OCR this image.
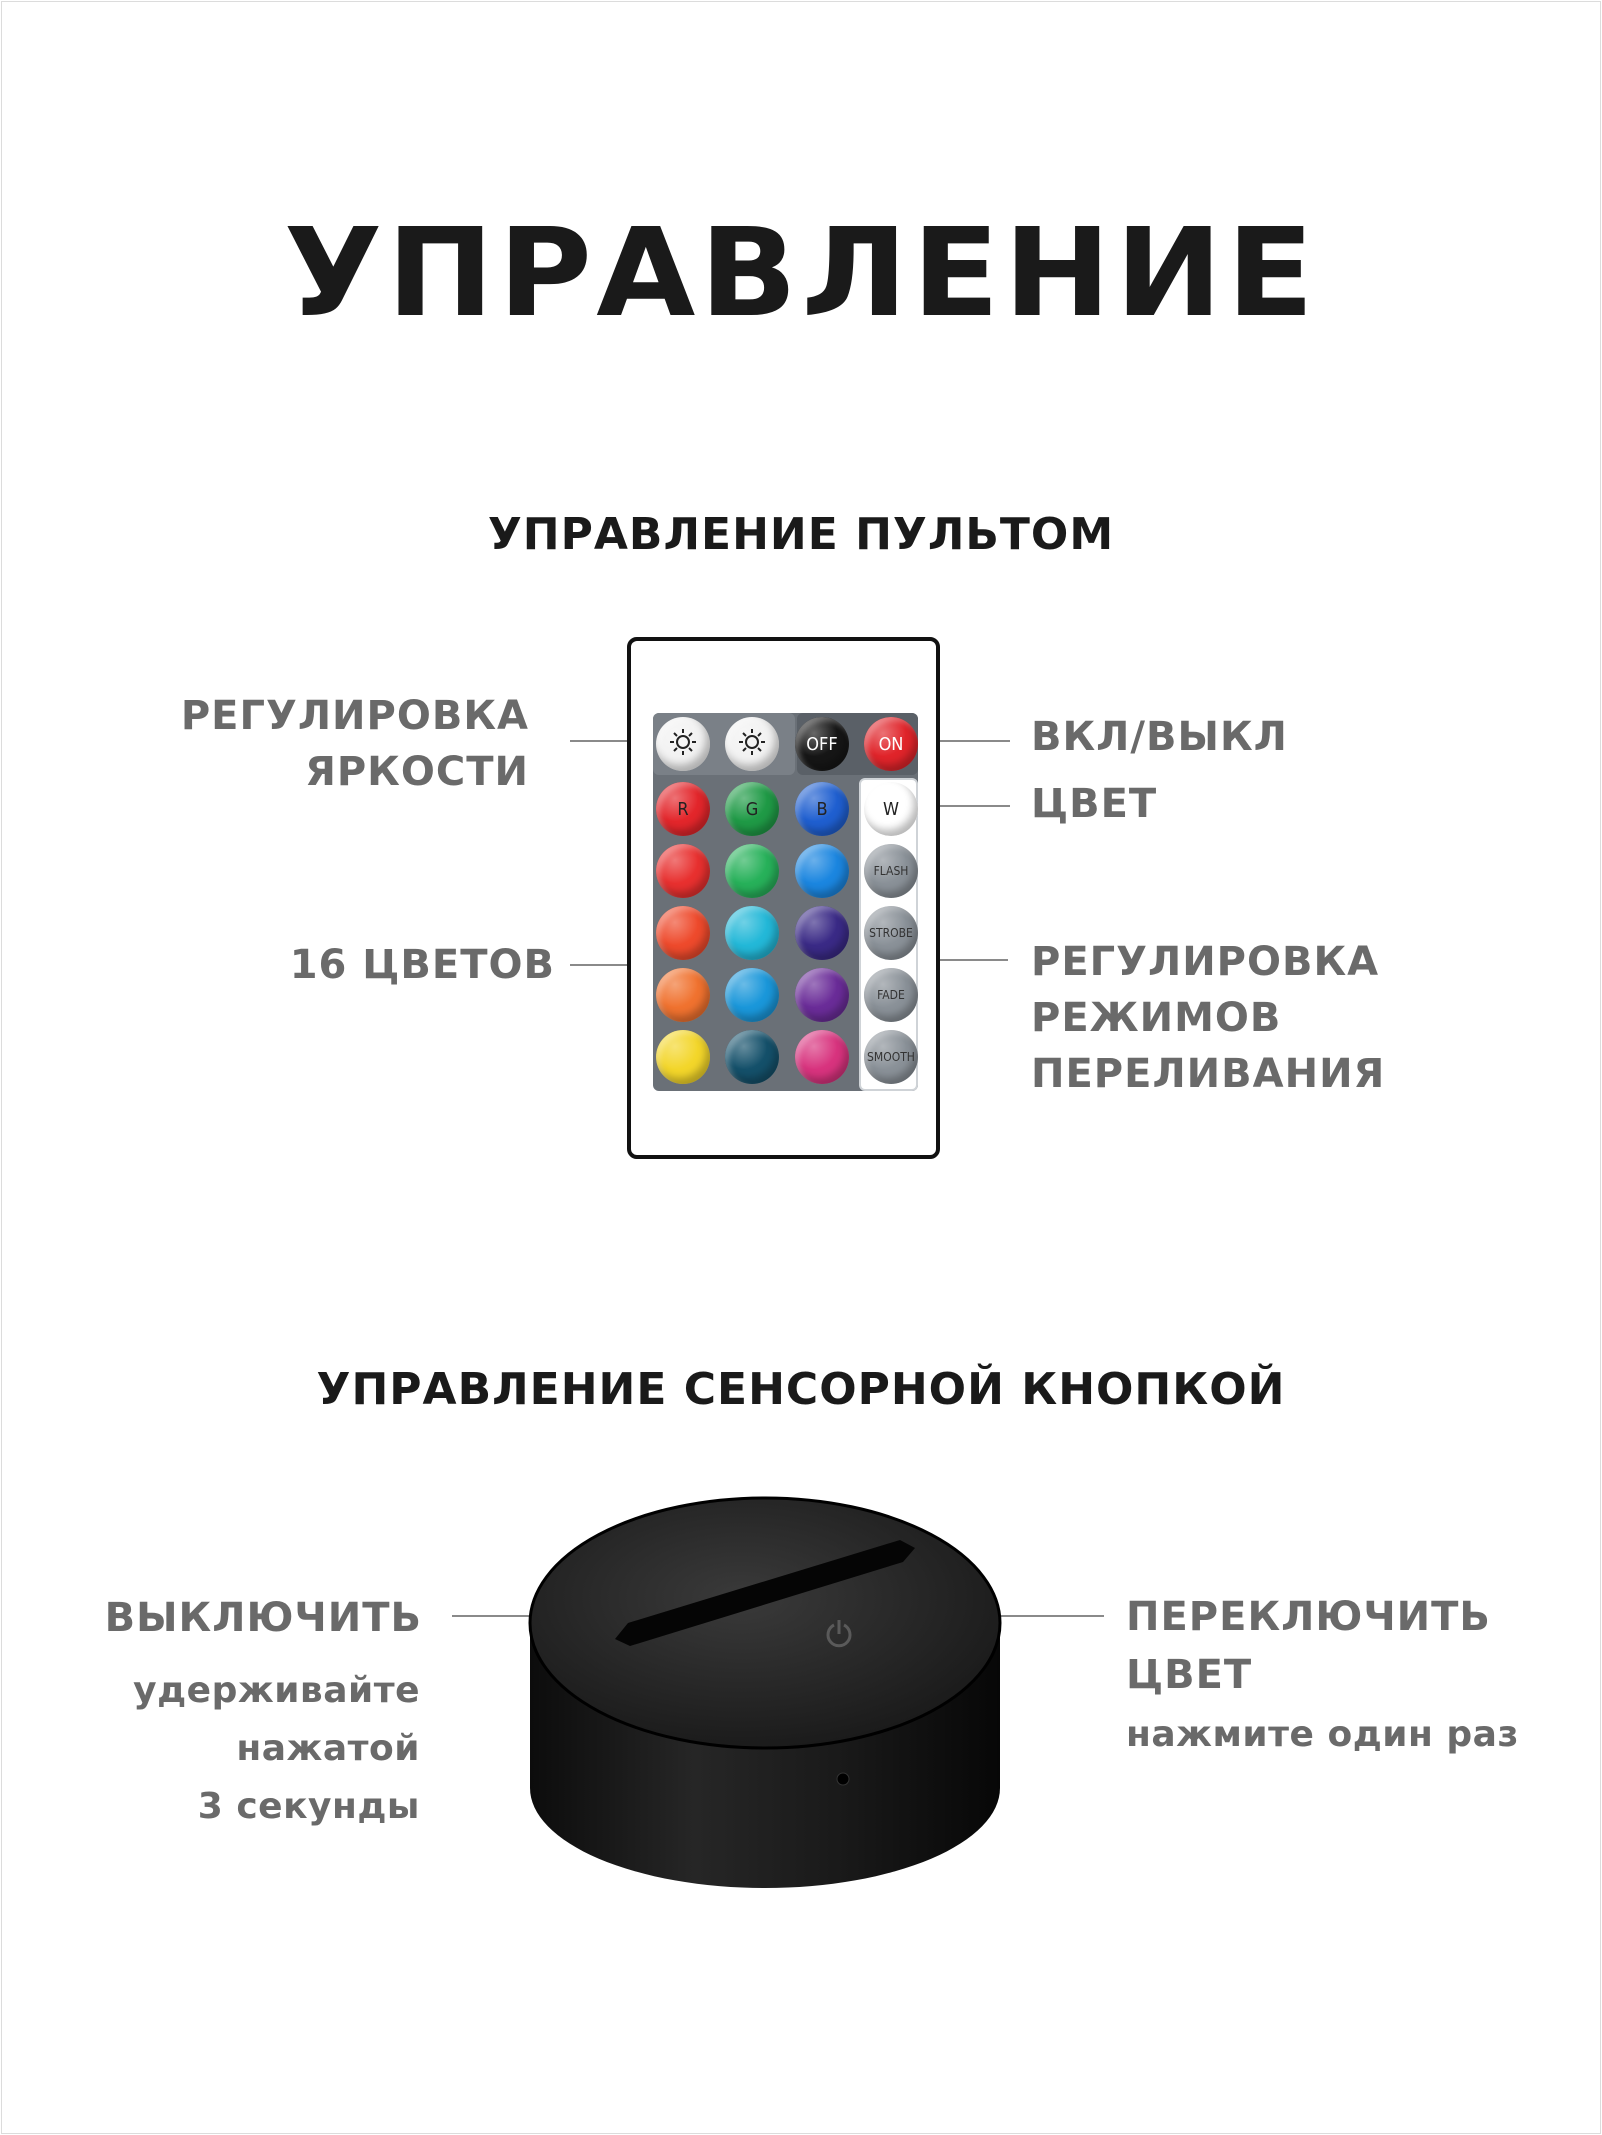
УПРАВЛЕНИЕ
УПРАВЛЕНИЕ ПУЛЬТОМ
РЕГУЛИРОВКА
ЯРКОСТИ
ВКЛ/ВЫКЛ
ЦВЕТ
16 ЦВЕТОВ	РЕГУЛИРОВКА
РЕЖИМОВ
ПЕРЕЛИВАНИЯ
OFF	ON
R	G	B	W
FLASH
STROBE
FADE
SMOOTH
УПРАВЛЕНИЕ СЕНСОРНОЙ КНОПКОЙ
ВЫКЛЮЧИТЬ
удерживайте
нажатой
3 секунды
ПЕРЕКЛЮЧИТЬ
ЦВЕТ
нажмите один раз
